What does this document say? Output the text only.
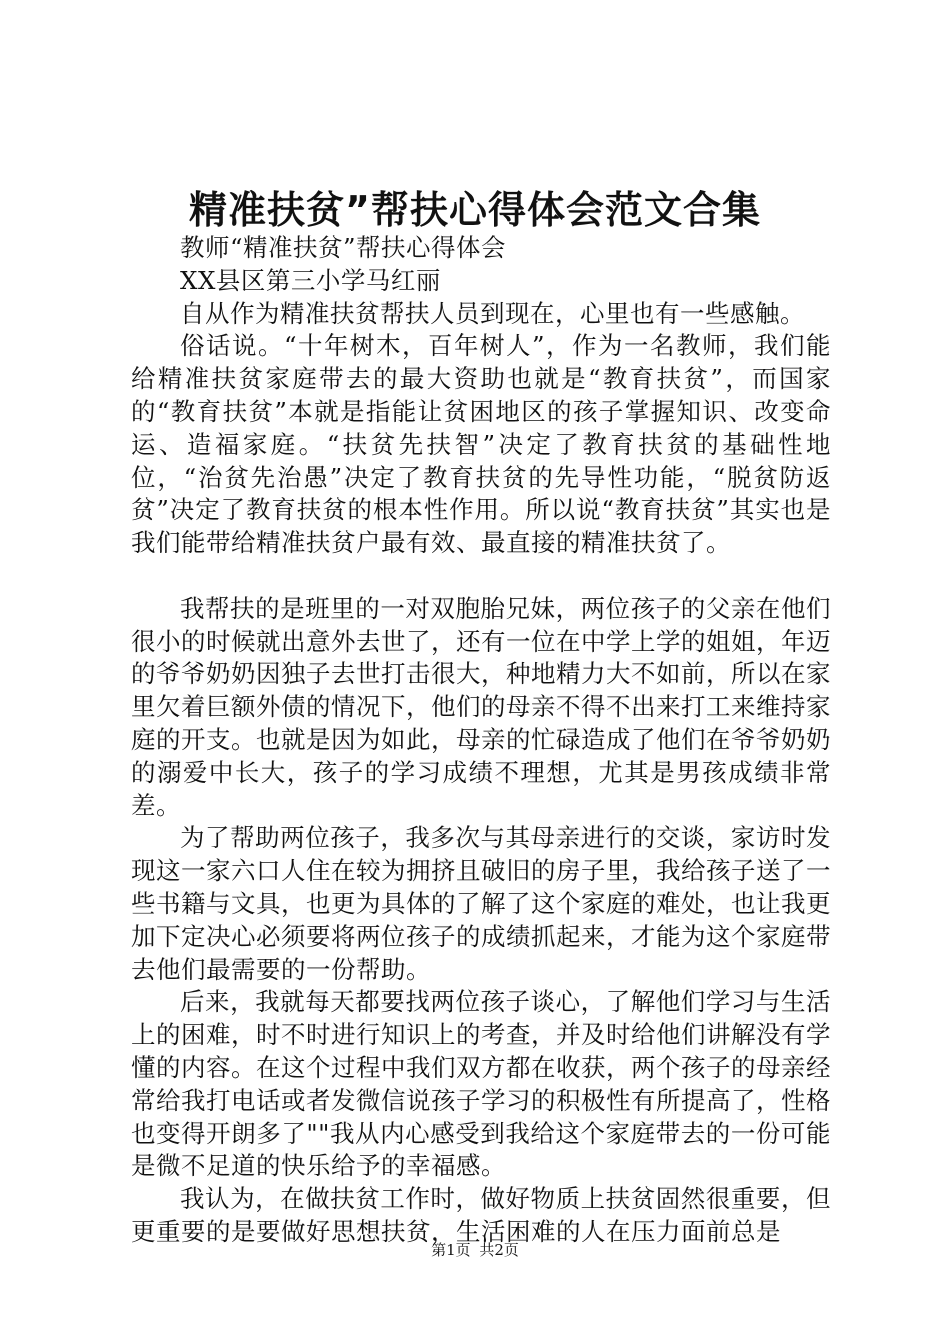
精准扶贫”帮扶心得体会范文合集

教师“精准扶贫”帮扶心得体会

XX县区第三小学马红丽

自从作为精准扶贫帮扶人员到现在，心里也有一些感触。

俗话说。“十年树木，百年树人”，作为一名教师，我们能给精准扶贫家庭带去的最大资助也就是“教育扶贫”，而国家的“教育扶贫”本就是指能让贫困地区的孩子掌握知识、改变命运、造福家庭。“扶贫先扶智”决定了教育扶贫的基础性地位，“治贫先治愚”决定了教育扶贫的先导性功能，“脱贫防返贫”决定了教育扶贫的根本性作用。所以说“教育扶贫”其实也是我们能带给精准扶贫户最有效、最直接的精准扶贫了。

我帮扶的是班里的一对双胞胎兄妹，两位孩子的父亲在他们很小的时候就出意外去世了，还有一位在中学上学的姐姐，年迈的爷爷奶奶因独子去世打击很大，种地精力大不如前，所以在家里欠着巨额外债的情况下，他们的母亲不得不出来打工来维持家庭的开支。也就是因为如此，母亲的忙碌造成了他们在爷爷奶奶的溺爱中长大，孩子的学习成绩不理想，尤其是男孩成绩非常差。

为了帮助两位孩子，我多次与其母亲进行的交谈，家访时发现这一家六口人住在较为拥挤且破旧的房子里，我给孩子送了一些书籍与文具，也更为具体的了解了这个家庭的难处，也让我更加下定决心必须要将两位孩子的成绩抓起来，才能为这个家庭带去他们最需要的一份帮助。

后来，我就每天都要找两位孩子谈心，了解他们学习与生活上的困难，时不时进行知识上的考查，并及时给他们讲解没有学懂的内容。在这个过程中我们双方都在收获，两个孩子的母亲经常给我打电话或者发微信说孩子学习的积极性有所提高了，性格也变得开朗多了""我从内心感受到我给这个家庭带去的一份可能是微不足道的快乐给予的幸福感。

我认为，在做扶贫工作时，做好物质上扶贫固然很重要，但更重要的是要做好思想扶贫，生活困难的人在压力面前总是

第1页 共2页
